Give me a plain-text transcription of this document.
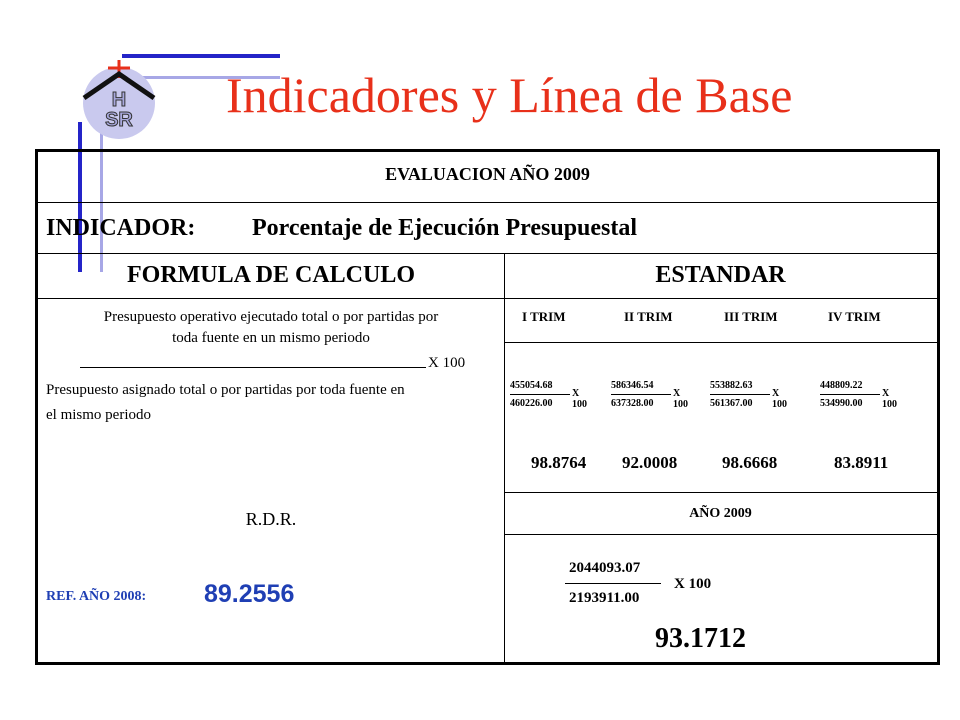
H
SR Indicadores y Línea de Base
EVALUACION AÑO 2009
INDICADOR: Porcentaje de Ejecución Presupuestal
FORMULA DE CALCULO	ESTANDAR
Presupuesto operativo ejecutado total o por partidas por
toda fuente en un mismo periodo
X 100
Presupuesto asignado total o por partidas por toda fuente en
el mismo periodo
R.D.R.
REF. AÑO 2008: 89.2556
I TRIM	II TRIM	III TRIM	IV TRIM
455054.68
460226.00
X 100
586346.54
637328.00
X 100
553882.63
561367.00
X 100
448809.22
534990.00
X 100
98.8764 92.0008	98.6668	83.8911
AÑO 2009
2044093.07
2193911.00
X 100
93.1712
